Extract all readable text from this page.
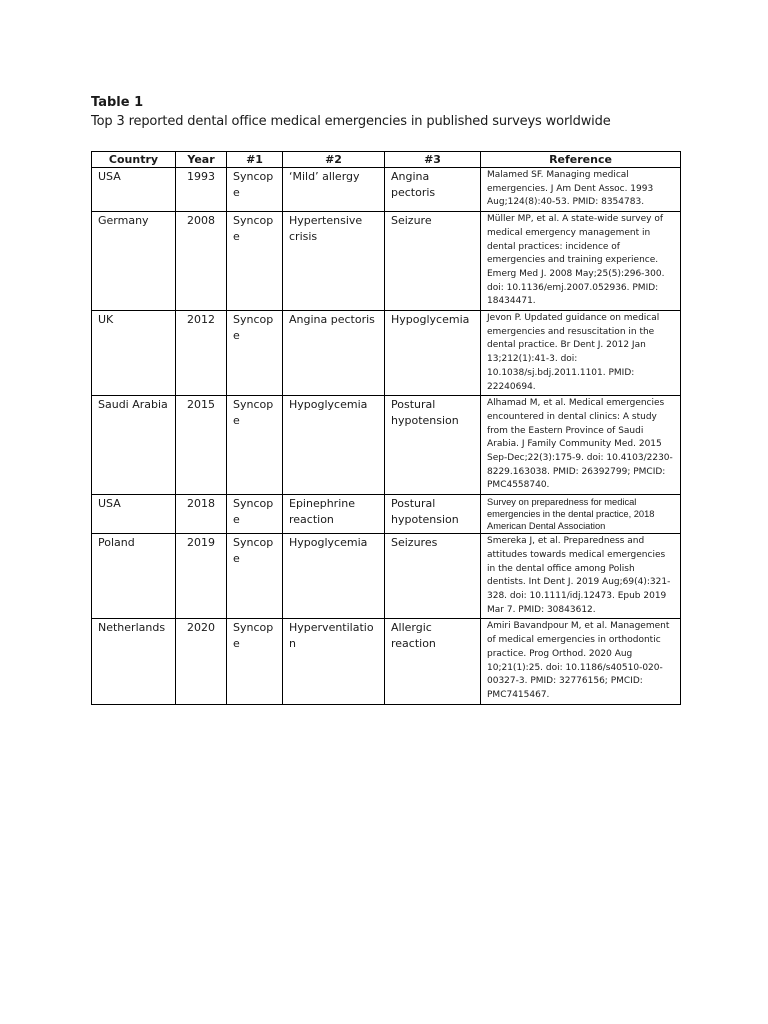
Table 1

Top 3 reported dental office medical emergencies in published surveys worldwide

Country	Year	#1	#2	#3	Reference
USA	1993	Syncope	‘Mild’ allergy	Angina pectoris	Malamed SF. Managing medical emergencies. J Am Dent Assoc. 1993 Aug;124(8):40-53. PMID: 8354783.
Germany	2008	Syncope	Hypertensive crisis	Seizure	Müller MP, et al. A state-wide survey of medical emergency management in dental practices: incidence of emergencies and training experience. Emerg Med J. 2008 May;25(5):296-300. doi: 10.1136/emj.2007.052936. PMID: 18434471.
UK	2012	Syncope	Angina pectoris	Hypoglycemia	Jevon P. Updated guidance on medical emergencies and resuscitation in the dental practice. Br Dent J. 2012 Jan 13;212(1):41-3. doi: 10.1038/sj.bdj.2011.1101. PMID: 22240694.
Saudi Arabia	2015	Syncope	Hypoglycemia	Postural hypotension	Alhamad M, et al. Medical emergencies encountered in dental clinics: A study from the Eastern Province of Saudi Arabia. J Family Community Med. 2015 Sep-Dec;22(3):175-9. doi: 10.4103/2230-8229.163038. PMID: 26392799; PMCID: PMC4558740.
USA	2018	Syncope	Epinephrine reaction	Postural hypotension	Survey on preparedness for medical emergencies in the dental practice, 2018 American Dental Association
Poland	2019	Syncope	Hypoglycemia	Seizures	Smereka J, et al. Preparedness and attitudes towards medical emergencies in the dental office among Polish dentists. Int Dent J. 2019 Aug;69(4):321-328. doi: 10.1111/idj.12473. Epub 2019 Mar 7. PMID: 30843612.
Netherlands	2020	Syncope	Hyperventilation	Allergic reaction	Amiri Bavandpour M, et al. Management of medical emergencies in orthodontic practice. Prog Orthod. 2020 Aug 10;21(1):25. doi: 10.1186/s40510-020-00327-3. PMID: 32776156; PMCID: PMC7415467.
